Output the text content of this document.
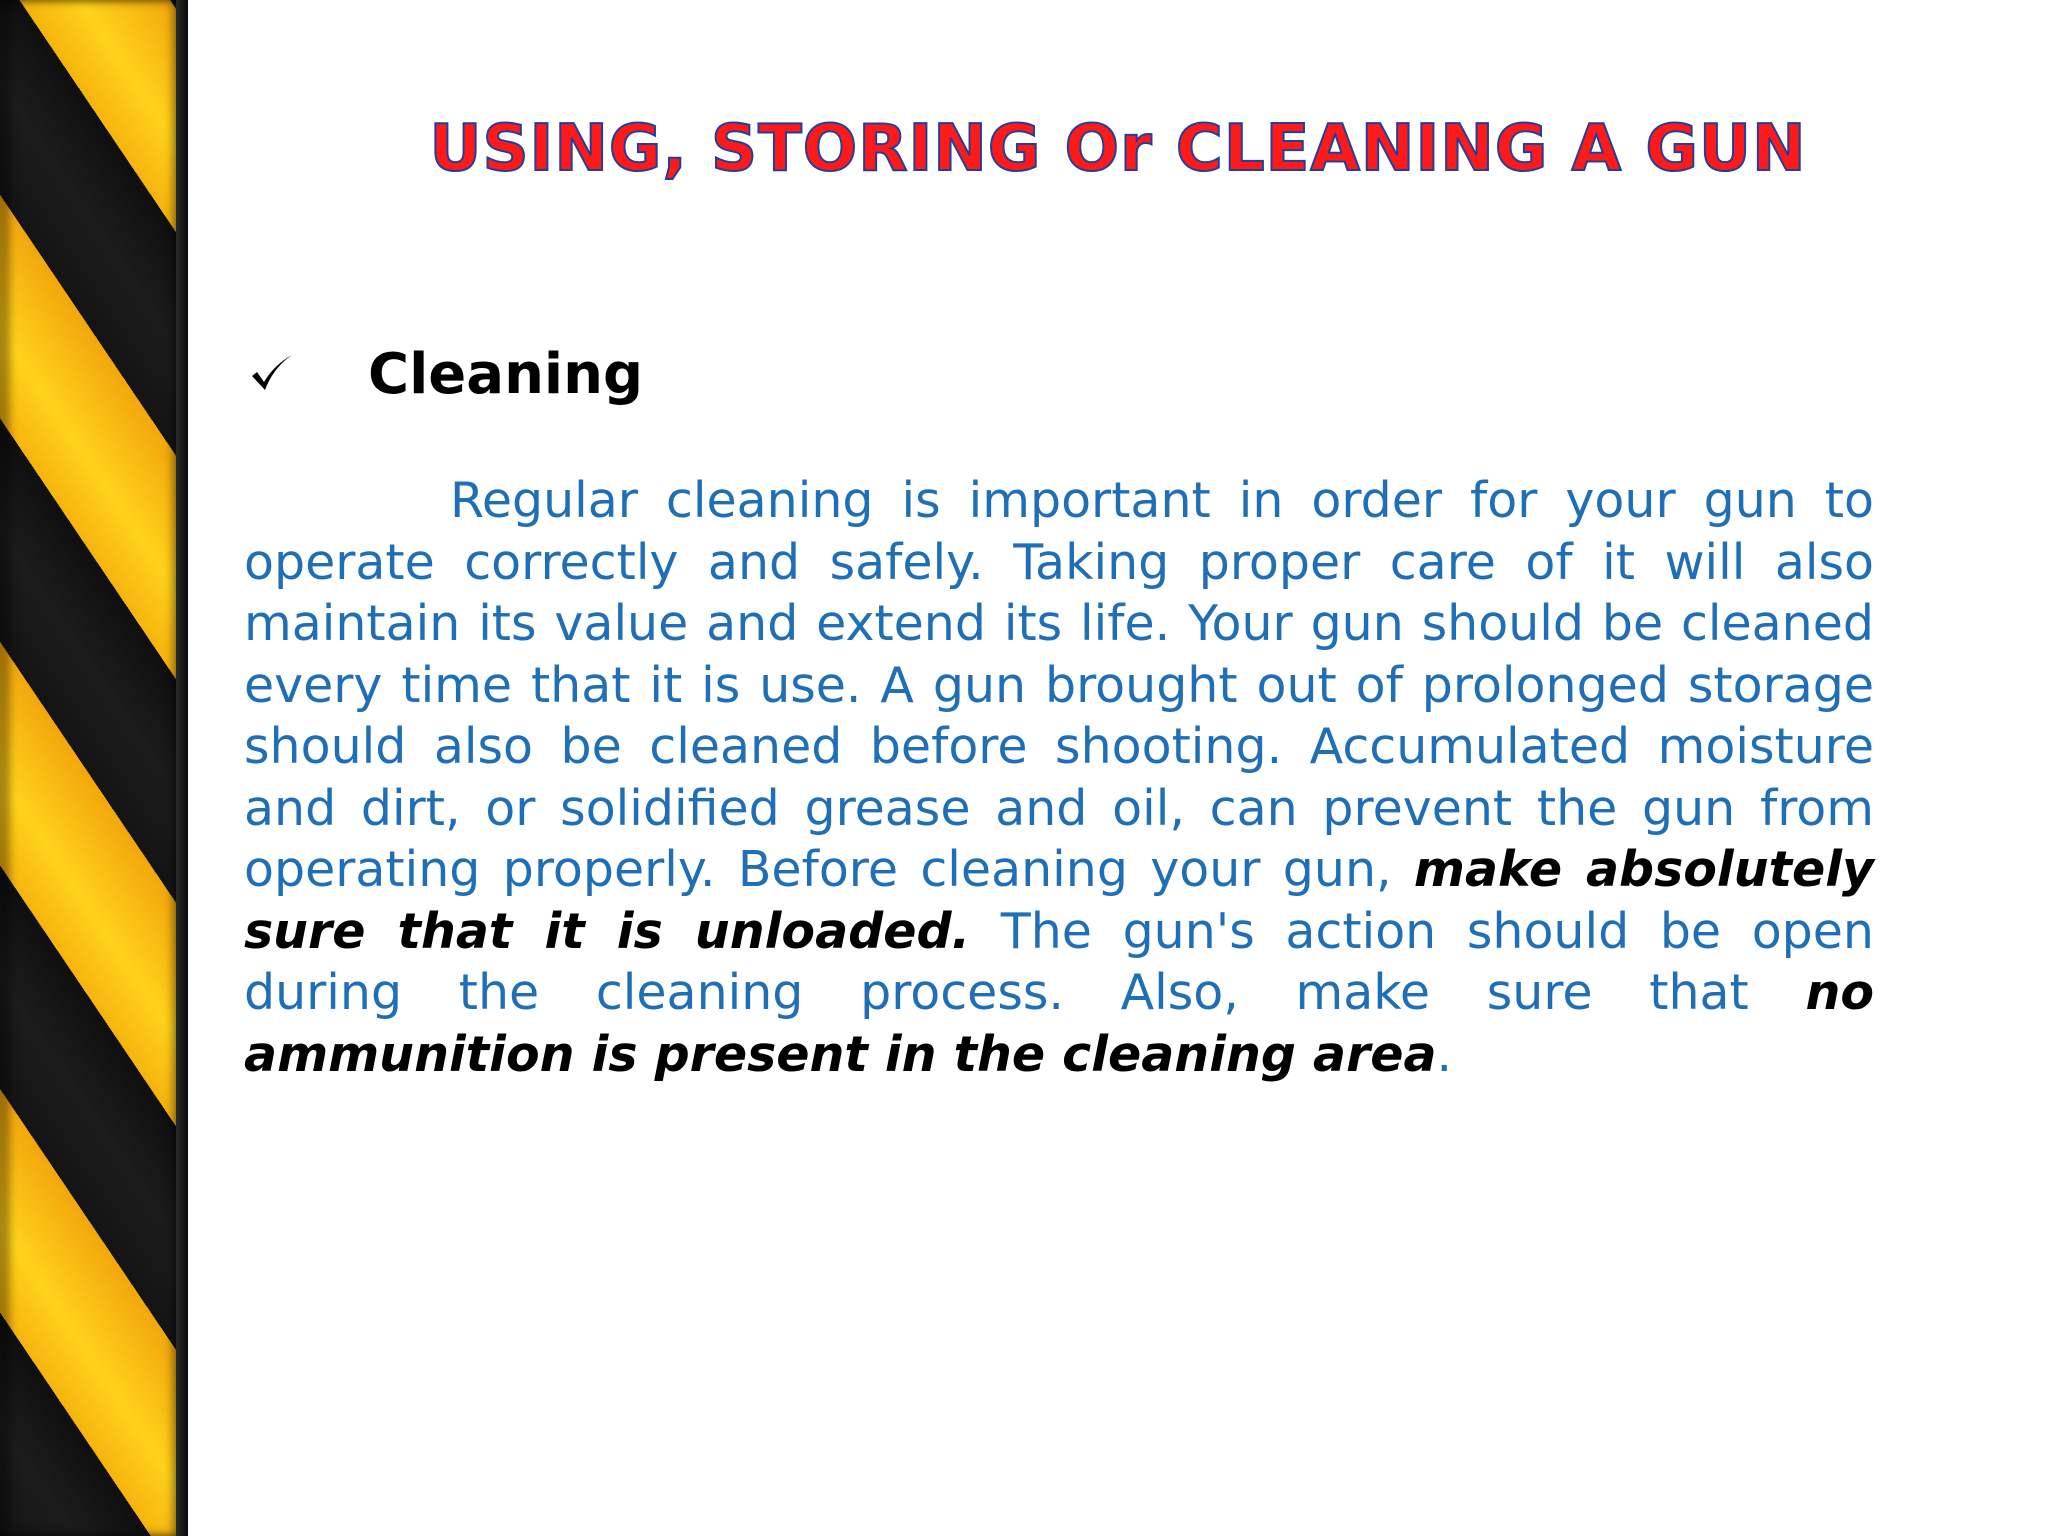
USING, STORING Or CLEANING A GUN
Cleaning

Regular cleaning is important in order for your gun to operate correctly and safely. Taking proper care of it will also maintain its value and extend its life. Your gun should be cleaned every time that it is use. A gun brought out of prolonged storage should also be cleaned before shooting. Accumulated moisture and dirt, or solidified grease and oil, can prevent the gun from operating properly. Before cleaning your gun, make absolutely sure that it is unloaded. The gun's action should be open during the cleaning process. Also, make sure that no ammunition is present in the cleaning area.
